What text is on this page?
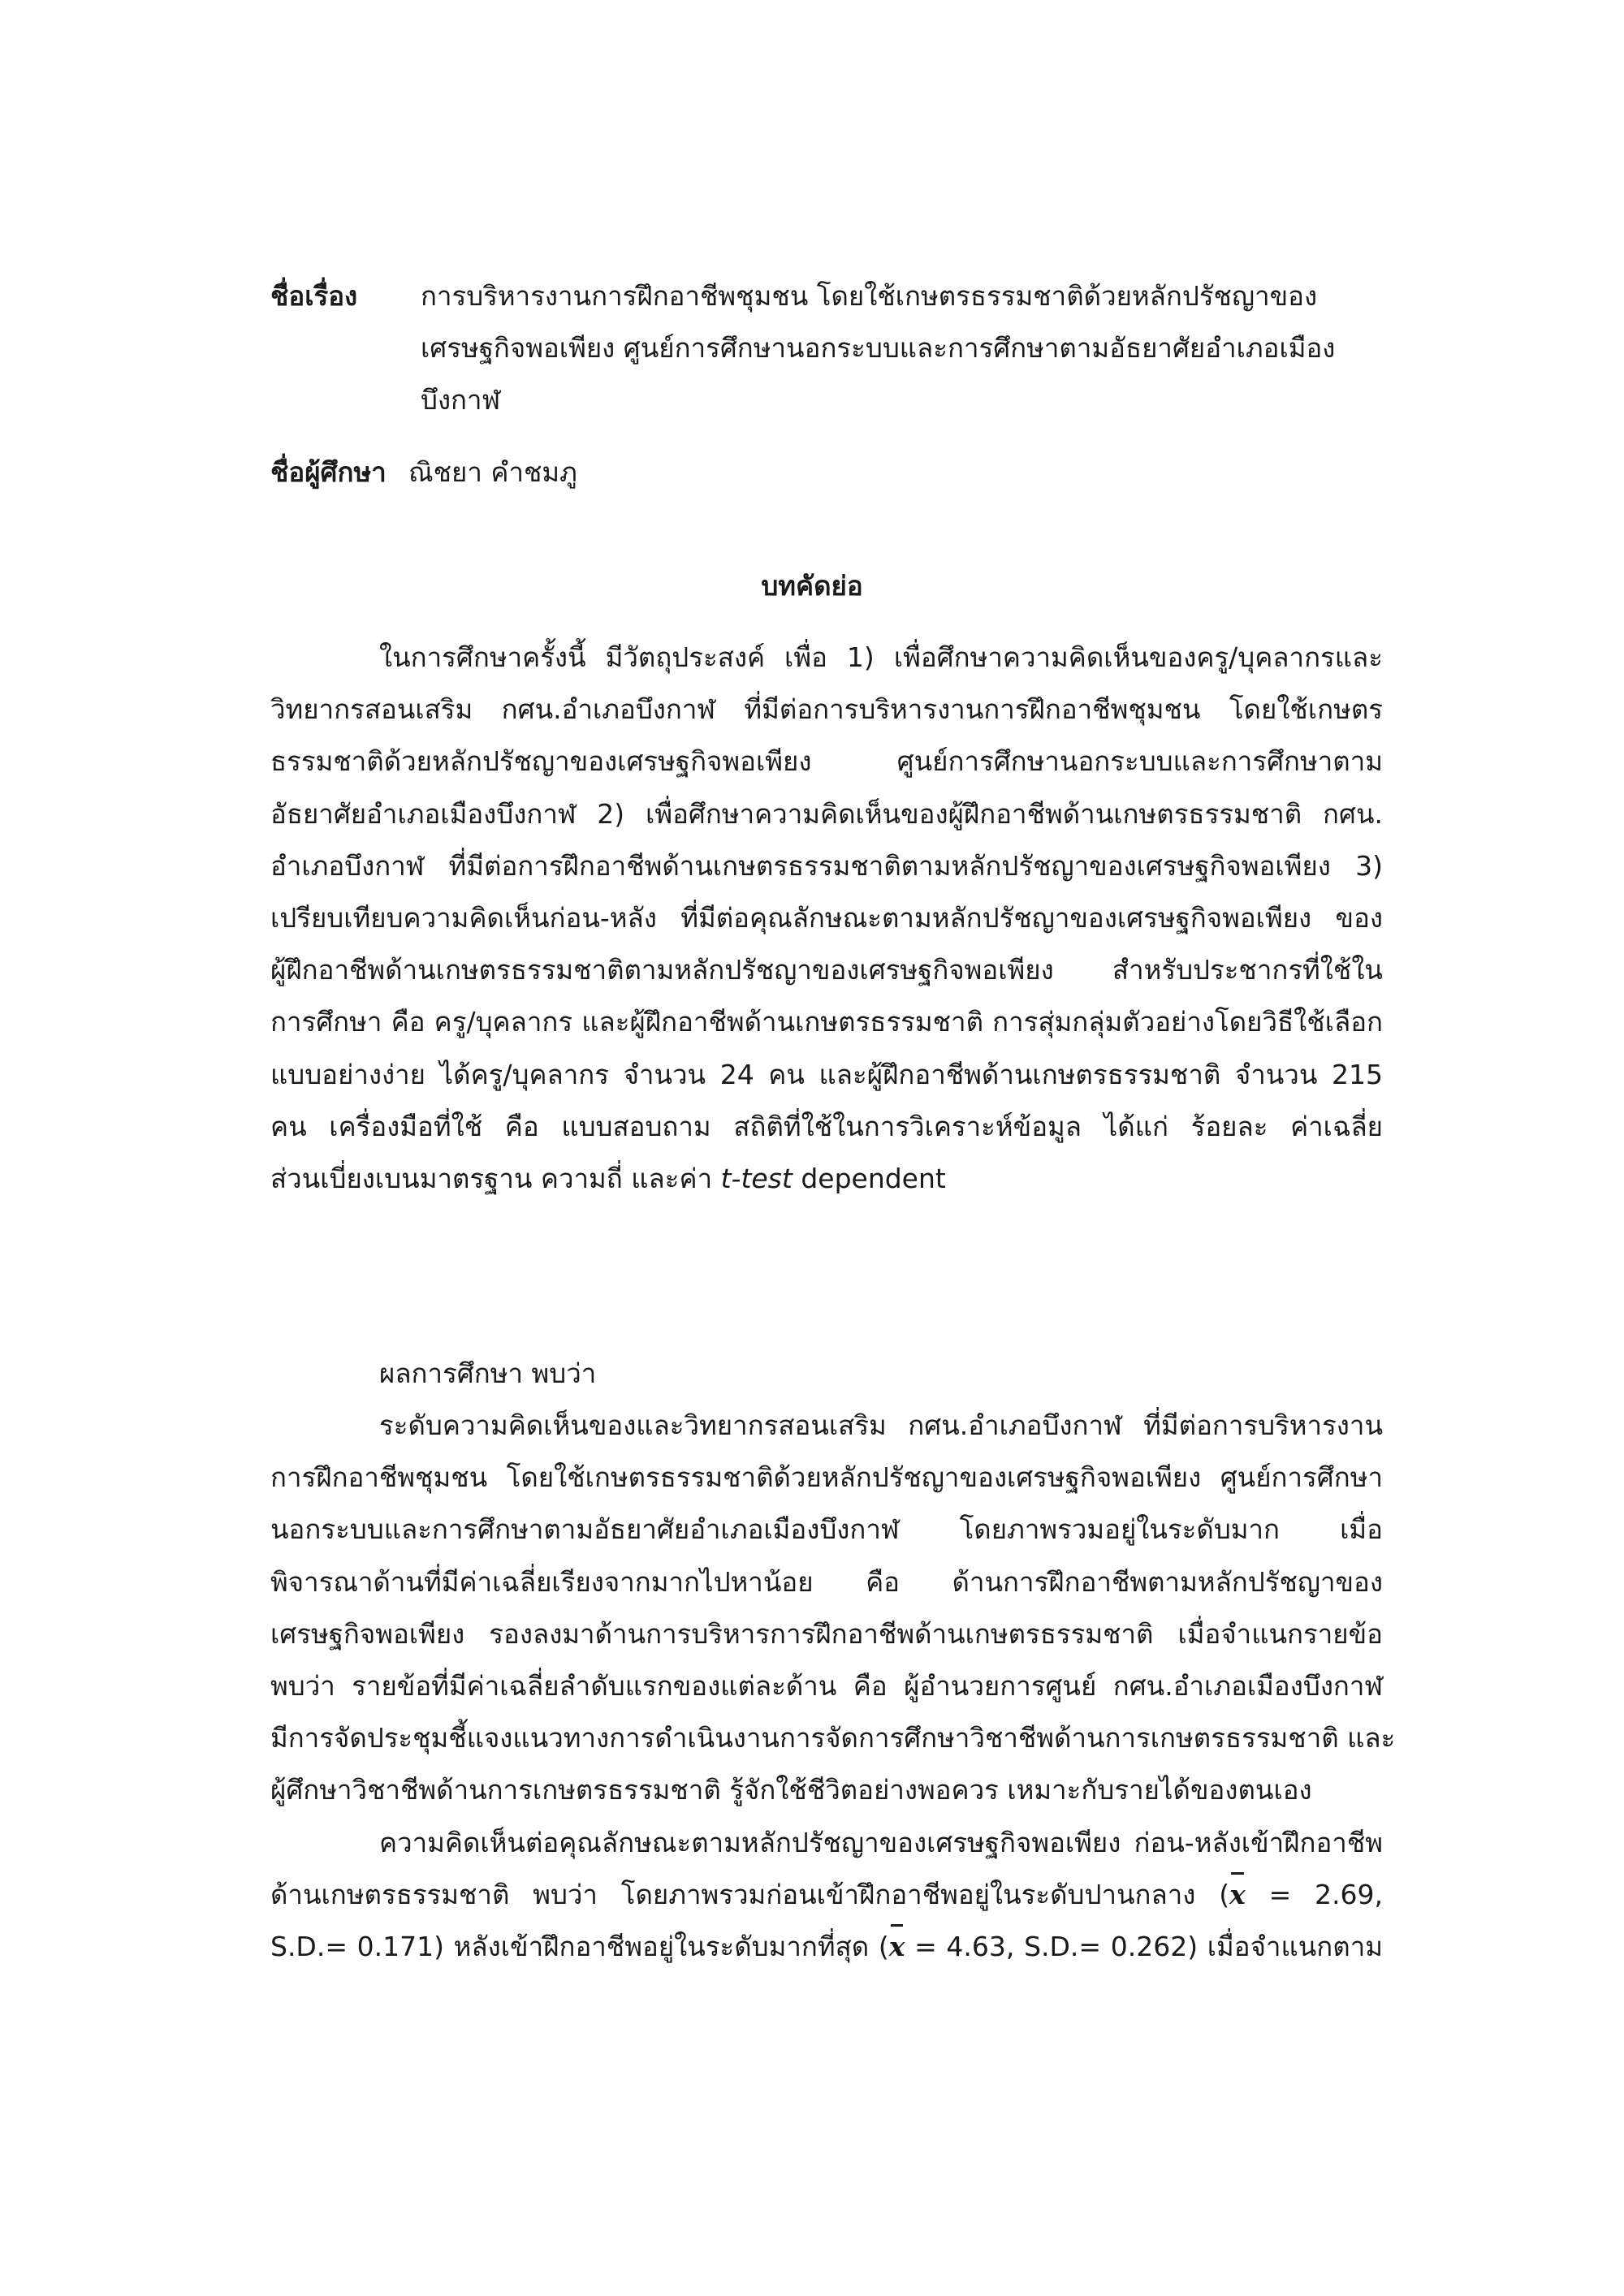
ชื่อเรื่อง การบริหารงานการฝึกอาชีพชุมชน โดยใช้เกษตรธรรมชาติด้วยหลักปรัชญาของ
เศรษฐกิจพอเพียง ศูนย์การศึกษานอกระบบและการศึกษาตามอัธยาศัยอำเภอเมือง
บึงกาฬ
ชื่อผู้ศึกษา ณิชยา คำชมภู
บทคัดย่อ
ในการศึกษาครั้งนี้ มีวัตถุประสงค์ เพื่อ 1) เพื่อศึกษาความคิดเห็นของครู/บุคลากรและ
วิทยากรสอนเสริม กศน.อำเภอบึงกาฬ ที่มีต่อการบริหารงานการฝึกอาชีพชุมชน โดยใช้เกษตร
ธรรมชาติด้วยหลักปรัชญาของเศรษฐกิจพอเพียง ศูนย์การศึกษานอกระบบและการศึกษาตาม
อัธยาศัยอำเภอเมืองบึงกาฬ 2) เพื่อศึกษาความคิดเห็นของผู้ฝึกอาชีพด้านเกษตรธรรมชาติ กศน.
อำเภอบึงกาฬ ที่มีต่อการฝึกอาชีพด้านเกษตรธรรมชาติตามหลักปรัชญาของเศรษฐกิจพอเพียง 3)
เปรียบเทียบความคิดเห็นก่อน-หลัง ที่มีต่อคุณลักษณะตามหลักปรัชญาของเศรษฐกิจพอเพียง ของ
ผู้ฝึกอาชีพด้านเกษตรธรรมชาติตามหลักปรัชญาของเศรษฐกิจพอเพียง สำหรับประชากรที่ใช้ใน
การศึกษา คือ ครู/บุคลากร และผู้ฝึกอาชีพด้านเกษตรธรรมชาติ การสุ่มกลุ่มตัวอย่างโดยวิธีใช้เลือก
แบบอย่างง่าย ได้ครู/บุคลากร จำนวน 24 คน และผู้ฝึกอาชีพด้านเกษตรธรรมชาติ จำนวน 215
คน เครื่องมือที่ใช้ คือ แบบสอบถาม สถิติที่ใช้ในการวิเคราะห์ข้อมูล ได้แก่ ร้อยละ ค่าเฉลี่ย
ส่วนเบี่ยงเบนมาตรฐาน ความถี่ และค่า t-test dependent
ผลการศึกษา พบว่า
ระดับความคิดเห็นของและวิทยากรสอนเสริม กศน.อำเภอบึงกาฬ ที่มีต่อการบริหารงาน
การฝึกอาชีพชุมชน โดยใช้เกษตรธรรมชาติด้วยหลักปรัชญาของเศรษฐกิจพอเพียง ศูนย์การศึกษา
นอกระบบและการศึกษาตามอัธยาศัยอำเภอเมืองบึงกาฬ โดยภาพรวมอยู่ในระดับมาก เมื่อ
พิจารณาด้านที่มีค่าเฉลี่ยเรียงจากมากไปหาน้อย คือ ด้านการฝึกอาชีพตามหลักปรัชญาของ
เศรษฐกิจพอเพียง รองลงมาด้านการบริหารการฝึกอาชีพด้านเกษตรธรรมชาติ เมื่อจำแนกรายข้อ
พบว่า รายข้อที่มีค่าเฉลี่ยลำดับแรกของแต่ละด้าน คือ ผู้อำนวยการศูนย์ กศน.อำเภอเมืองบึงกาฬ
มีการจัดประชุมชี้แจงแนวทางการดำเนินงานการจัดการศึกษาวิชาชีพด้านการเกษตรธรรมชาติ และ
ผู้ศึกษาวิชาชีพด้านการเกษตรธรรมชาติ รู้จักใช้ชีวิตอย่างพอควร เหมาะกับรายได้ของตนเอง
ความคิดเห็นต่อคุณลักษณะตามหลักปรัชญาของเศรษฐกิจพอเพียง ก่อน-หลังเข้าฝึกอาชีพ
ด้านเกษตรธรรมชาติ พบว่า โดยภาพรวมก่อนเข้าฝึกอาชีพอยู่ในระดับปานกลาง (x = 2.69,
S.D.= 0.171) หลังเข้าฝึกอาชีพอยู่ในระดับมากที่สุด (x = 4.63, S.D.= 0.262) เมื่อจำแนกตาม
